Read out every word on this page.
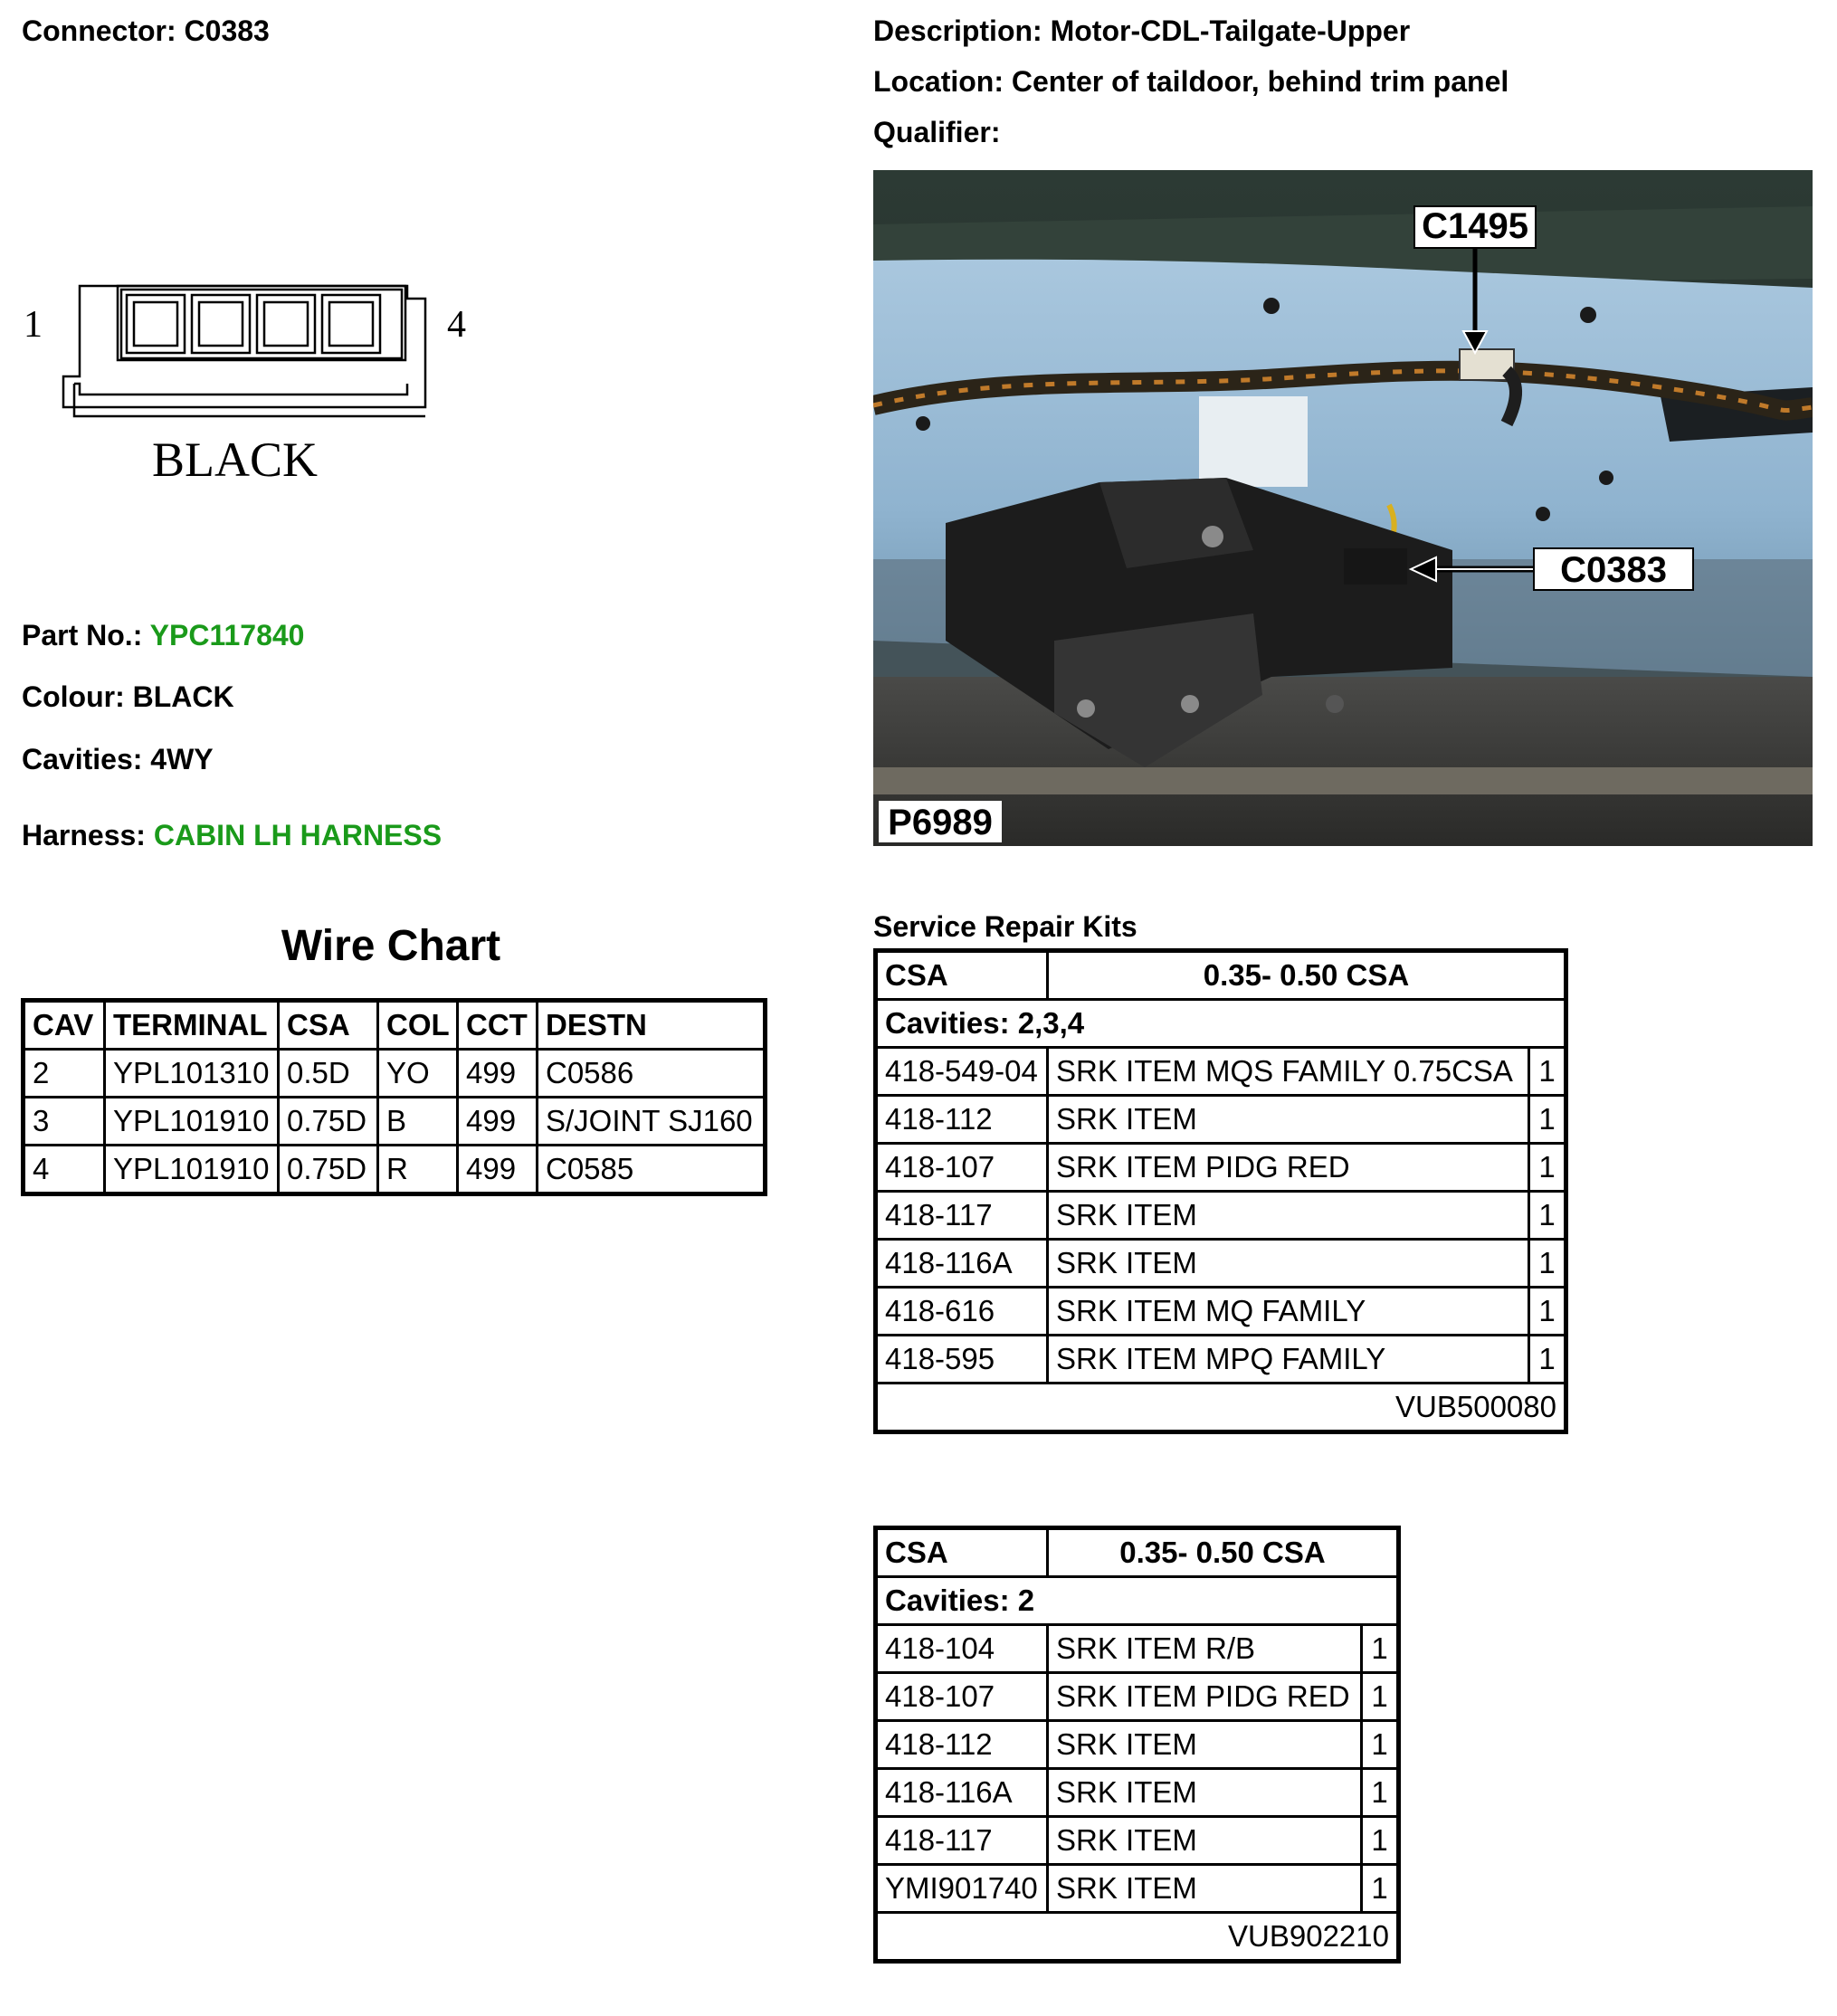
Connector: C0383	Description: Motor-CDL-Tailgate-Upper
Location: Center of taildoor, behind trim panel
Qualifier:
1	4
BLACK
Part No.: YPC117840
Colour: BLACK
Cavities: 4WY
Harness: CABIN LH HARNESS
Wire Chart
CAV	TERMINAL	CSA	COL	CCT	DESTN
2	YPL101310	0.5D	YO	499	C0586
3	YPL101910	0.75D	B	499	S/JOINT SJ160
4	YPL101910	0.75D	R	499	C0585
C1495
C0383
P6989
Service Repair Kits
CSA	0.35- 0.50 CSA	
Cavities: 2,3,4		
418-549-04	SRK ITEM MQS FAMILY 0.75CSA	1
418-112	SRK ITEM	1
418-107	SRK ITEM PIDG RED	1
418-117	SRK ITEM	1
418-116A	SRK ITEM	1
418-616	SRK ITEM MQ FAMILY	1
418-595	SRK ITEM MPQ FAMILY	1
VUB500080		
CSA	0.35- 0.50 CSA	
Cavities: 2		
418-104	SRK ITEM R/B	1
418-107	SRK ITEM PIDG RED	1
418-112	SRK ITEM	1
418-116A	SRK ITEM	1
418-117	SRK ITEM	1
YMI901740	SRK ITEM	1
VUB902210		
